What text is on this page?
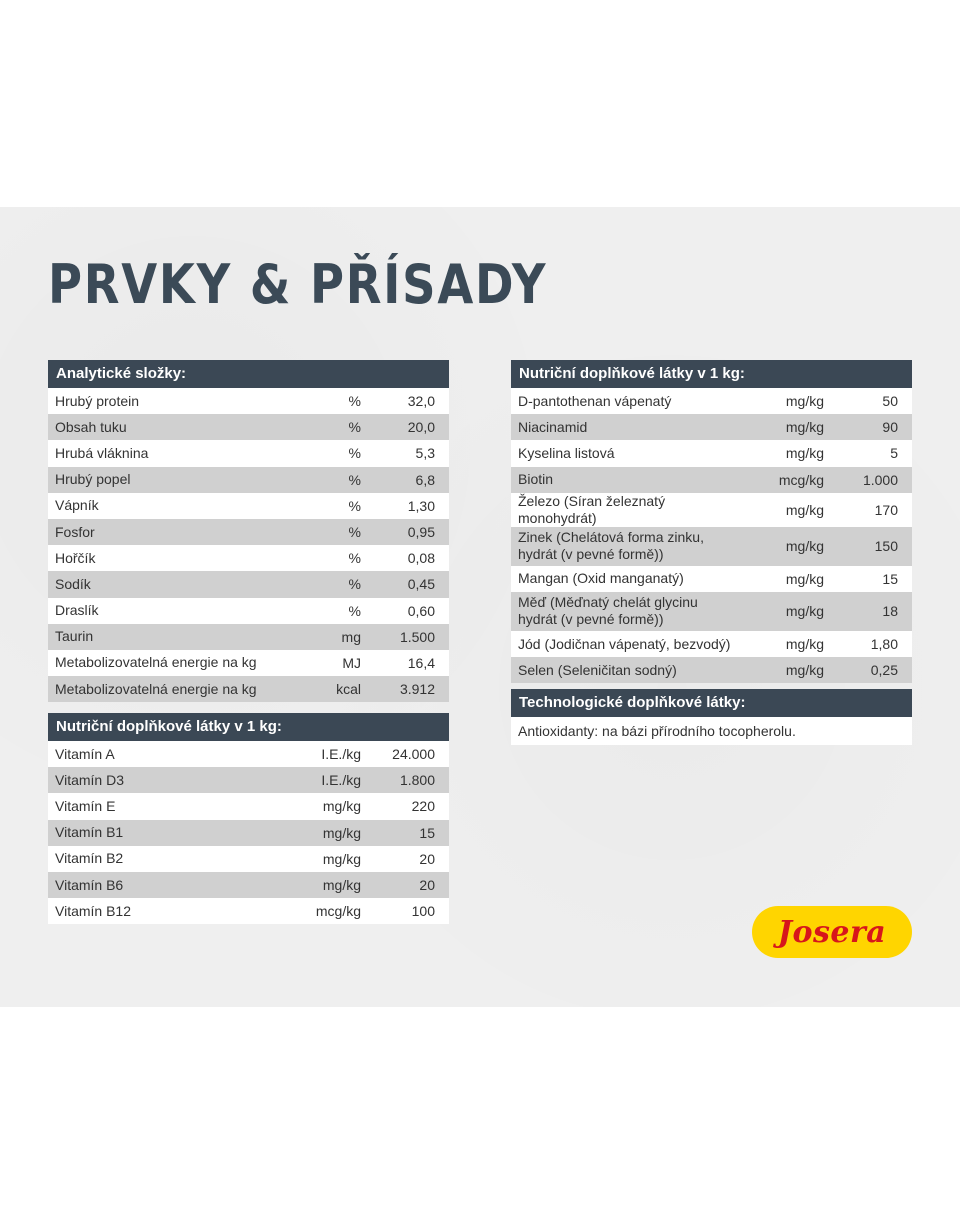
PRVKY & PŘÍSADY
Analytické složky:
Hrubý protein	%	32,0
Obsah tuku	%	20,0
Hrubá vláknina	%	5,3
Hrubý popel	%	6,8
Vápník	%	1,30
Fosfor	%	0,95
Hořčík	%	0,08
Sodík	%	0,45
Draslík	%	0,60
Taurin	mg	1.500
Metabolizovatelná energie na kg	MJ	16,4
Metabolizovatelná energie na kg	kcal	3.912
Nutriční doplňkové látky v 1 kg:
Vitamín A	I.E./kg	24.000
Vitamín D3	I.E./kg	1.800
Vitamín E	mg/kg	220
Vitamín B1	mg/kg	15
Vitamín B2	mg/kg	20
Vitamín B6	mg/kg	20
Vitamín B12	mcg/kg	100
Nutriční doplňkové látky v 1 kg:
D-pantothenan vápenatý	mg/kg	50
Niacinamid	mg/kg	90
Kyselina listová	mg/kg	5
Biotin	mcg/kg	1.000
Železo (Síran železnatý monohydrát)	mg/kg	170
Zinek (Chelátová forma zinku, hydrát (v pevné formě))	mg/kg	150
Mangan (Oxid manganatý)	mg/kg	15
Měď (Měďnatý chelát glycinu hydrát (v pevné formě))	mg/kg	18
Jód (Jodičnan vápenatý, bezvodý)	mg/kg	1,80
Selen (Seleničitan sodný)	mg/kg	0,25
Technologické doplňkové látky:
Antioxidanty: na bázi přírodního tocopherolu.
Josera
